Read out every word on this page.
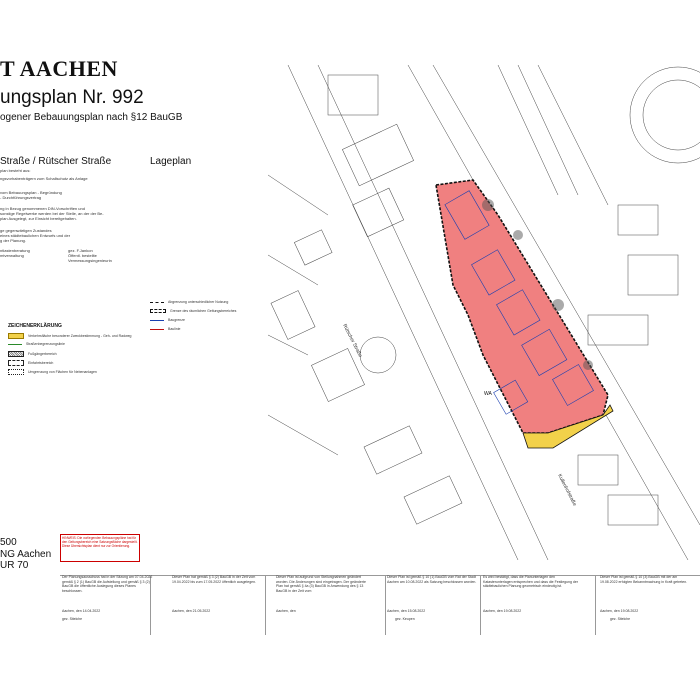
T AACHEN
ungsplan Nr. 992
ogener Bebauungsplan nach §12 BauGB
Straße / Rütscher Straße	Lageplan
plan besteht aus:
ngsvorhabenträgern zum Schallschutz als Anlage
vom Bebauungsplan - Begründung
- Durchführungsvertrag
ng in Bezug genommenen DIN-Vorschriften und
sonstige Regelwerke werden bei der Stelle, an der der Be-
plan Ausgelegt, zur Einsicht bereitgehalten.
ge gegenwärtigen Zustandes
eines städtebaulichen Entwurfs und der
g der Planung.
ntlastenberatung
mtverwaltung
gez. F.Jankon
Öffentl. bestellte
Vermessungsingenieurin
ZEICHENERKLÄRUNG
Verkehrsfläche besonderer Zweckbestimmung - Geh- und Radweg
Straßenbegrenzungslinie
Fußgängerbereich
Einfahrtsbereich
Umgrenzung von Flächen für Nebenanlagen
Abgrenzung unterschiedlicher Nutzung
Grenze des räumlichen Geltungsbereiches
Baugrenze
Baulinie
500
NG Aachen
UR 70
HINWEIS: Die vorliegenden Bebauungspläne hat für den Geltungsbereich eine Satzungsfläche dargestellt. Diese Übersichtsplan dient nur zur Orientierung.
Rütscher Straße
Kullenhofstraße
WA
Der Planungsausschuss hat in der Sitzung am 07.04.2022 gemäß § 2 (1) BauGB die Aufstellung und gemäß § 3 (2) BauGB die öffentliche Auslegung dieses Planes beschlossen.
Aachen, den 14.04.2022
gez. Stielche
Dieser Plan hat gemäß § 3 (2) BauGB in der Zeit vom 19.04.2022 bis zum 17.05.2022 öffentlich ausgelegen.
Aachen, den 21.05.2022
Dieser Plan ist aufgrund von Stellungnahmen geändert worden. Die Änderungen sind eingetragen. Der geänderte Plan hat gemäß § 4a (3) BauGB in Anwendung des § 13 BauGB in der Zeit vom
Aachen, den
Dieser Plan ist gemäß § 10 (1) BauGB vom Rat der Stadt Aachen am 10.08.2022 als Satzung beschlossen worden.
Aachen, den 15.08.2022
gez. Keupen
Es wird bestätigt, dass die Planunterlagen den Katasterunterlagen entsprechen und dass die Festlegung der städtebaulichen Planung geometrisch eindeutig ist.
Aachen, den 19.08.2022
Dieser Plan ist gemäß § 10 (3) BauGB mit der am 19.08.2022 erfolgten Bekanntmachung in Kraft getreten.
Aachen, den 19.08.2022
gez. Stielche
